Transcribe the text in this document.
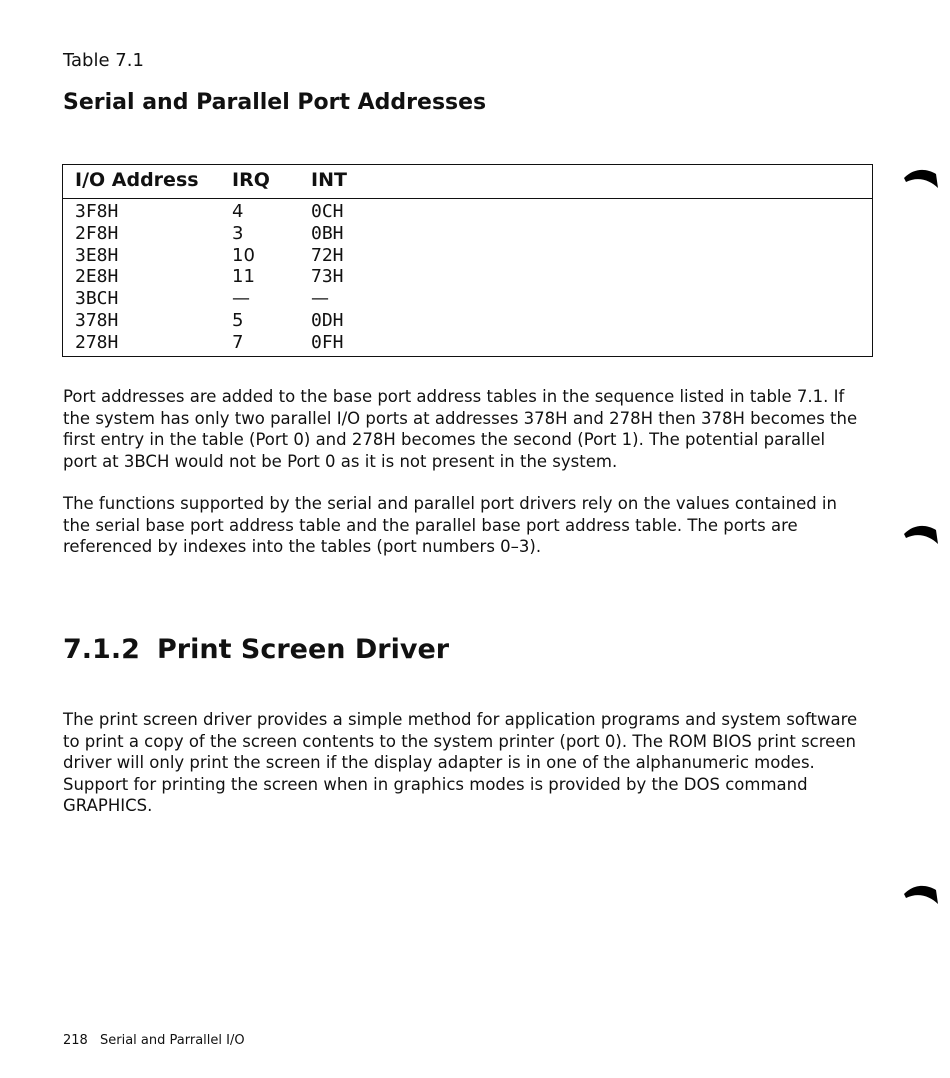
Table 7.1
Serial and Parallel Port Addresses
I/O Address IRQ INT
3F8H	4	0CH
2F8H	3	0BH
3E8H	10	72H
2E8H	11	73H
3BCH	—	—
378H	5	0DH
278H	7	0FH

Port addresses are added to the base port address tables in the sequence listed in table 7.1. If the system has only two parallel I/O ports at addresses 378H and 278H then 378H becomes the first entry in the table (Port 0) and 278H becomes the second (Port 1). The potential parallel port at 3BCH would not be Port 0 as it is not present in the system.

The functions supported by the serial and parallel port drivers rely on the values contained in the serial base port address table and the parallel base port address table. The ports are referenced by indexes into the tables (port numbers 0–3).

7.1.2 Print Screen Driver

The print screen driver provides a simple method for application programs and system software to print a copy of the screen contents to the system printer (port 0). The ROM BIOS print screen driver will only print the screen if the display adapter is in one of the alphanumeric modes. Support for printing the screen when in graphics modes is provided by the DOS command GRAPHICS.

218 Serial and Parrallel I/O
